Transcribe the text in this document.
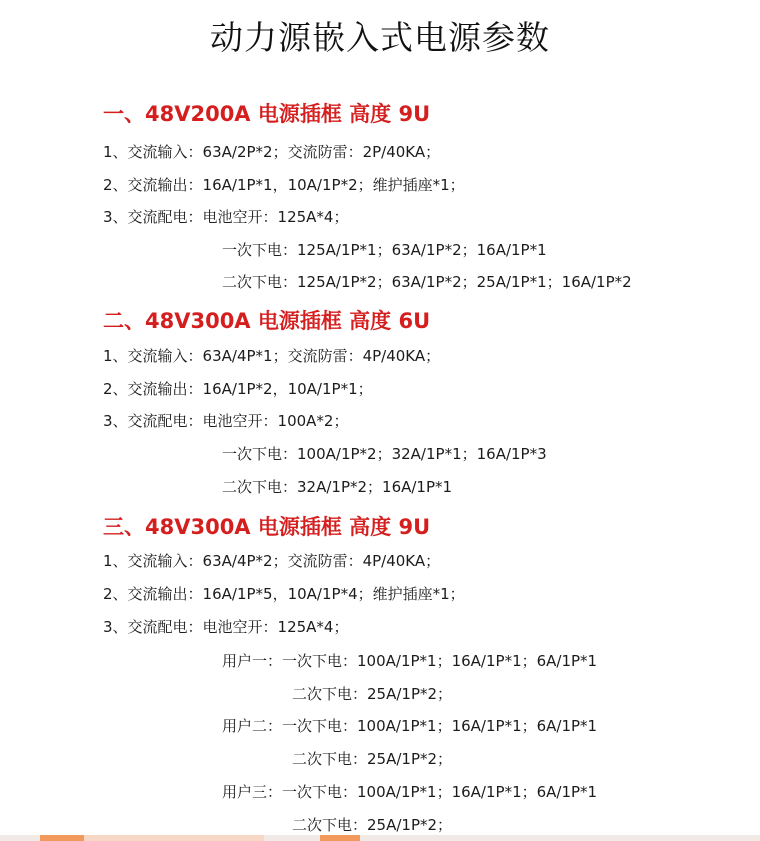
动力源嵌入式电源参数
一、48V200A 电源插框 高度 9U
1、交流输入：63A/2P*2；交流防雷：2P/40KA；
2、交流输出：16A/1P*1，10A/1P*2；维护插座*1；
3、交流配电：电池空开：125A*4；
一次下电：125A/1P*1；63A/1P*2；16A/1P*1
二次下电：125A/1P*2；63A/1P*2；25A/1P*1；16A/1P*2
二、48V300A 电源插框 高度 6U
1、交流输入：63A/4P*1；交流防雷：4P/40KA；
2、交流输出：16A/1P*2，10A/1P*1；
3、交流配电：电池空开：100A*2；
一次下电：100A/1P*2；32A/1P*1；16A/1P*3
二次下电：32A/1P*2；16A/1P*1
三、48V300A 电源插框 高度 9U
1、交流输入：63A/4P*2；交流防雷：4P/40KA；
2、交流输出：16A/1P*5，10A/1P*4；维护插座*1；
3、交流配电：电池空开：125A*4；
用户一：一次下电：100A/1P*1；16A/1P*1；6A/1P*1
二次下电：25A/1P*2；
用户二：一次下电：100A/1P*1；16A/1P*1；6A/1P*1
二次下电：25A/1P*2；
用户三：一次下电：100A/1P*1；16A/1P*1；6A/1P*1
二次下电：25A/1P*2；
